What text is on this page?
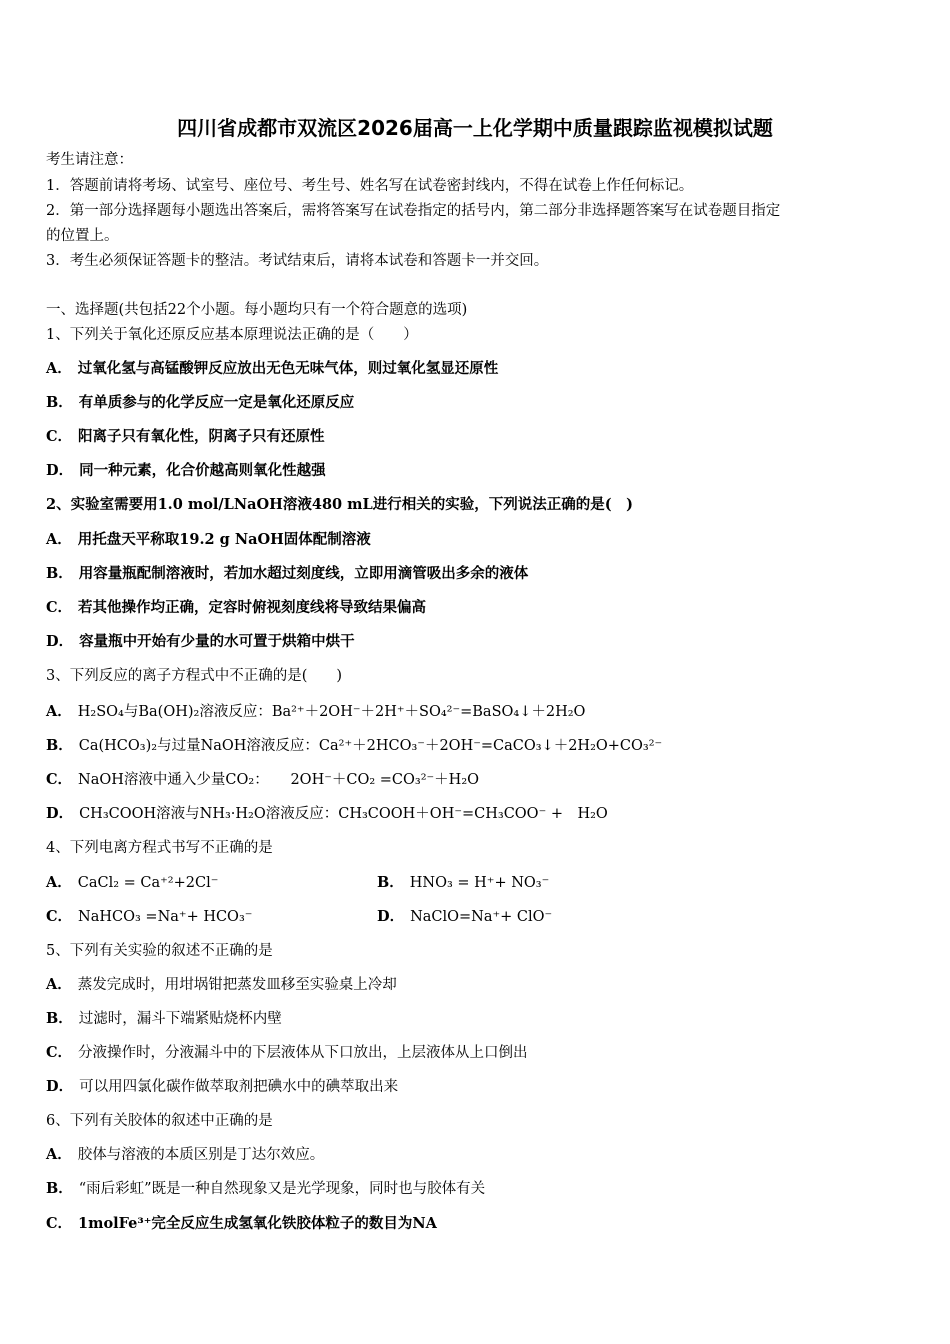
四川省成都市双流区2026届高一上化学期中质量跟踪监视模拟试题
考生请注意：
1．答题前请将考场、试室号、座位号、考生号、姓名写在试卷密封线内，不得在试卷上作任何标记。
2．第一部分选择题每小题选出答案后，需将答案写在试卷指定的括号内，第二部分非选择题答案写在试卷题目指定
的位置上。
3．考生必须保证答题卡的整洁。考试结束后，请将本试卷和答题卡一并交回。
一、选择题(共包括22个小题。每小题均只有一个符合题意的选项)
1、下列关于氧化还原反应基本原理说法正确的是（　　）
A． 过氧化氢与高锰酸钾反应放出无色无味气体，则过氧化氢显还原性
B． 有单质参与的化学反应一定是氧化还原反应
C． 阳离子只有氧化性，阴离子只有还原性
D． 同一种元素，化合价越高则氧化性越强
2、实验室需要用1.0 mol/LNaOH溶液480 mL进行相关的实验，下列说法正确的是(　)
A． 用托盘天平称取19.2 g NaOH固体配制溶液
B． 用容量瓶配制溶液时，若加水超过刻度线，立即用滴管吸出多余的液体
C． 若其他操作均正确，定容时俯视刻度线将导致结果偏高
D． 容量瓶中开始有少量的水可置于烘箱中烘干
3、下列反应的离子方程式中不正确的是(　　)
A． H₂SO₄与Ba(OH)₂溶液反应：Ba²⁺＋2OH⁻＋2H⁺＋SO₄²⁻=BaSO₄↓＋2H₂O
B． Ca(HCO₃)₂与过量NaOH溶液反应：Ca²⁺＋2HCO₃⁻＋2OH⁻=CaCO₃↓＋2H₂O+CO₃²⁻
C． NaOH溶液中通入少量CO₂：　　2OH⁻＋CO₂ =CO₃²⁻＋H₂O
D． CH₃COOH溶液与NH₃·H₂O溶液反应：CH₃COOH＋OH⁻=CH₃COO⁻ +　H₂O
4、下列电离方程式书写不正确的是
A． CaCl₂ = Ca⁺²+2Cl⁻	B． HNO₃ = H⁺+ NO₃⁻
C． NaHCO₃ =Na⁺+ HCO₃⁻	D． NaClO=Na⁺+ ClO⁻
5、下列有关实验的叙述不正确的是
A． 蒸发完成时，用坩埚钳把蒸发皿移至实验桌上冷却
B． 过滤时，漏斗下端紧贴烧杯内壁
C． 分液操作时，分液漏斗中的下层液体从下口放出，上层液体从上口倒出
D． 可以用四氯化碳作做萃取剂把碘水中的碘萃取出来
6、下列有关胶体的叙述中正确的是
A． 胶体与溶液的本质区别是丁达尔效应。
B． “雨后彩虹”既是一种自然现象又是光学现象，同时也与胶体有关
C． 1molFe³⁺完全反应生成氢氧化铁胶体粒子的数目为NA
